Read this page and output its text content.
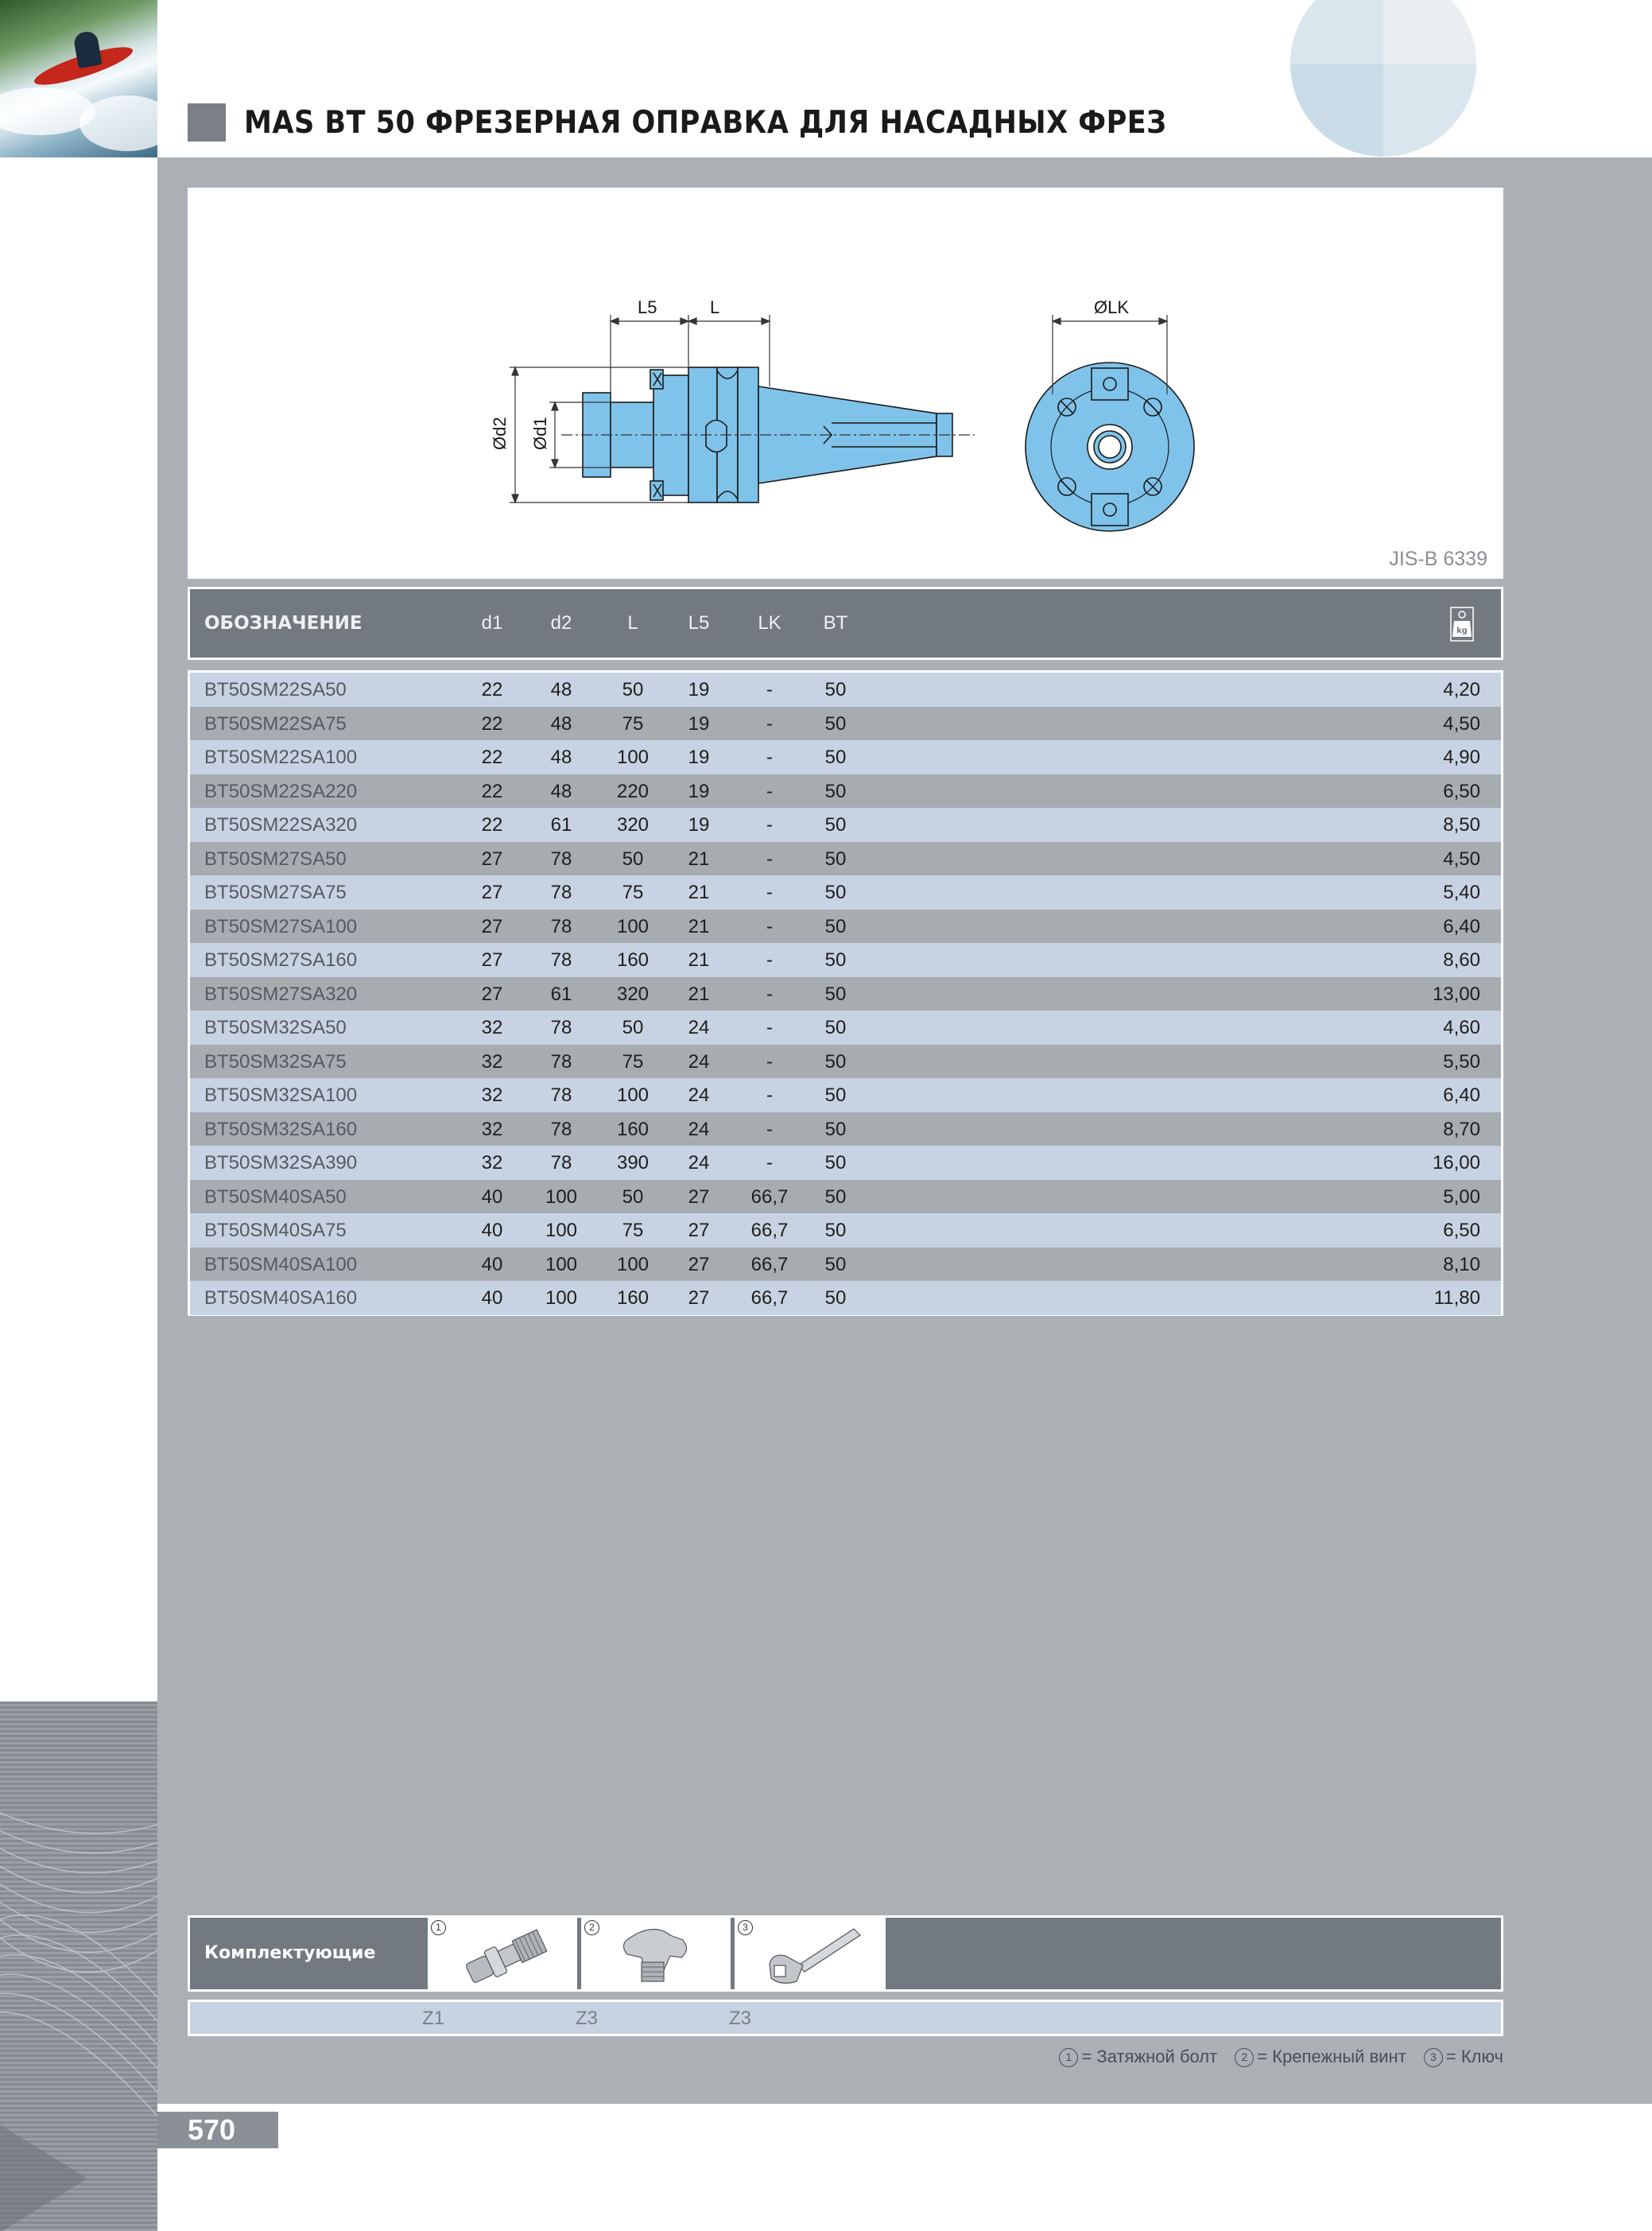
MAS BT 50 ФРЕЗЕРНАЯ ОПРАВКА ДЛЯ НАСАДНЫХ ФРЕЗ
L5	L
Ød2 Ød1
ØLK
JIS-B 6339
ОБОЗНАЧЕНИЕ	d1	d2	L	L5	LK	BT	kg
BT50SM22SA50	22	48	50	19	-	50	4,20
BT50SM22SA75	22	48	75	19	-	50	4,50
BT50SM22SA100	22	48	100	19	-	50	4,90
BT50SM22SA220	22	48	220	19	-	50	6,50
BT50SM22SA320	22	61	320	19	-	50	8,50
BT50SM27SA50	27	78	50	21	-	50	4,50
BT50SM27SA75	27	78	75	21	-	50	5,40
BT50SM27SA100	27	78	100	21	-	50	6,40
BT50SM27SA160	27	78	160	21	-	50	8,60
BT50SM27SA320	27	61	320	21	-	50	13,00
BT50SM32SA50	32	78	50	24	-	50	4,60
BT50SM32SA75	32	78	75	24	-	50	5,50
BT50SM32SA100	32	78	100	24	-	50	6,40
BT50SM32SA160	32	78	160	24	-	50	8,70
BT50SM32SA390	32	78	390	24	-	50	16,00
BT50SM40SA50	40	100	50	27	66,7	50	5,00
BT50SM40SA75	40	100	75	27	66,7	50	6,50
BT50SM40SA100	40	100	100	27	66,7	50	8,10
BT50SM40SA160	40	100	160	27	66,7	50	11,80
Комплектующие
1	2	3
Z1	Z3	Z3
1 = Затяжной болт 2 = Крепежный винт 3 = Ключ
570
